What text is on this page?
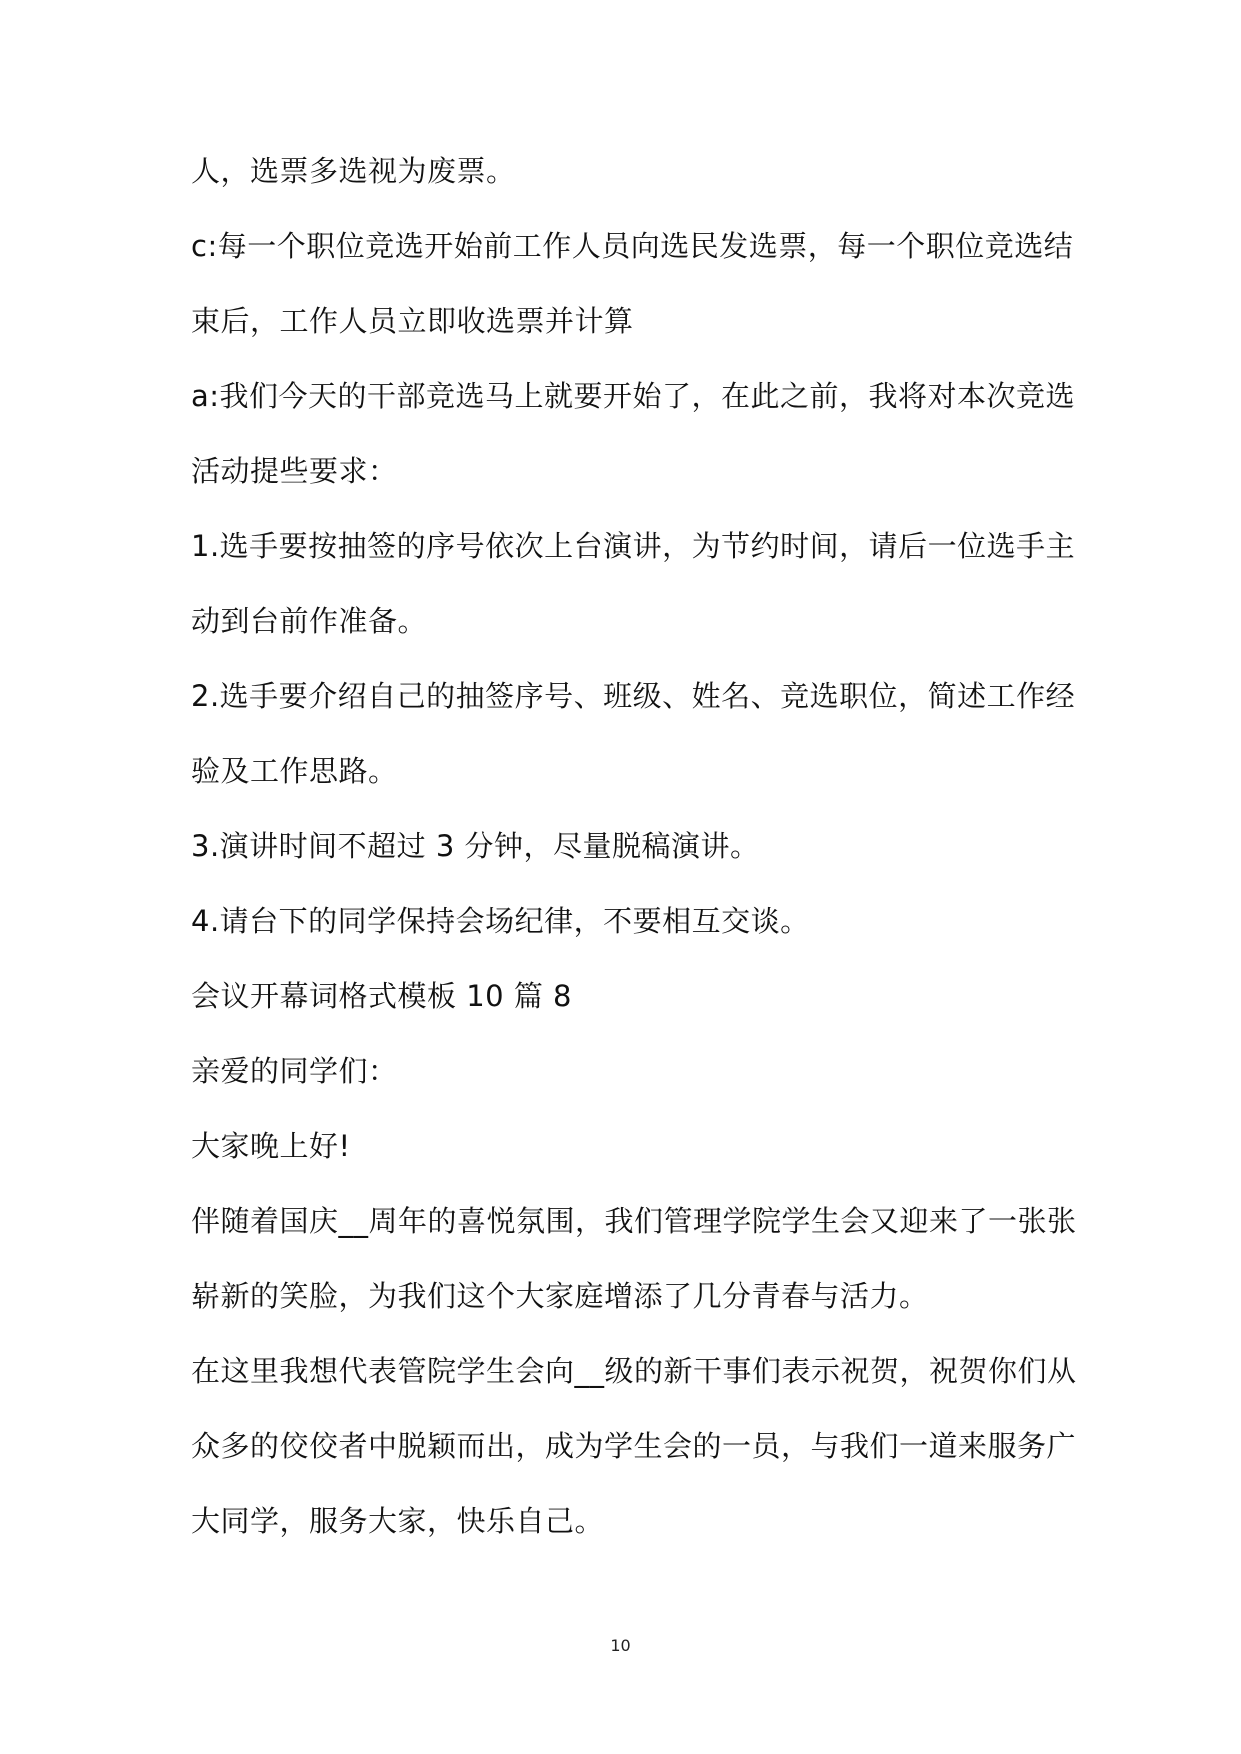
人，选票多选视为废票。
c:每一个职位竞选开始前工作人员向选民发选票，每一个职位竞选结
束后，工作人员立即收选票并计算
a:我们今天的干部竞选马上就要开始了，在此之前，我将对本次竞选
活动提些要求：
1.选手要按抽签的序号依次上台演讲，为节约时间，请后一位选手主
动到台前作准备。
2.选手要介绍自己的抽签序号、班级、姓名、竞选职位，简述工作经
验及工作思路。
3.演讲时间不超过 3 分钟，尽量脱稿演讲。
4.请台下的同学保持会场纪律，不要相互交谈。
会议开幕词格式模板 10 篇 8
亲爱的同学们：
大家晚上好!
伴随着国庆__周年的喜悦氛围，我们管理学院学生会又迎来了一张张
崭新的笑脸，为我们这个大家庭增添了几分青春与活力。
在这里我想代表管院学生会向__级的新干事们表示祝贺，祝贺你们从
众多的佼佼者中脱颖而出，成为学生会的一员，与我们一道来服务广
大同学，服务大家，快乐自己。
10
